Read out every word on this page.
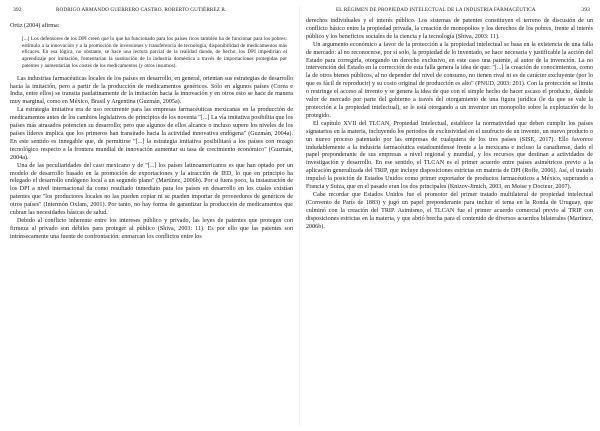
392	RODRIGO ARMANDO GUERRERO CASTRO, ROBERTO GUTIÉRREZ R.

Ortiz (2004) afirma:

[...] Los defensores de los DPI creen que lo que ha funcionado para los países ricos también ha de funcionar para los pobres: estímulo a la innovación y a la promoción de inversiones y transferencia de tecnología, disponibilidad de medicamentos más eficaces. En esa lógica, no obstante, se hace una lectura parcial de la realidad donde, de hecho, los DPI impedirían el aprendizaje por imitación, fomentarían la sustitución de la industria doméstica a través de importaciones protegidas por patentes y aumentarían los costes de los medicamentos (y otros insumos).

Las industrias farmacéuticas locales de los países en desarrollo, en general, orientan sus estrategias de desarrollo hacia la imitación, pero a partir de la producción de medicamentos genéricos. Sólo en algunos países (Corea e India, entre ellos) se transita paulatinamente de la imitación hacia la innovación y en otros esto se hace de manera muy marginal, como en México, Brasil y Argentina (Guzmán, 2005a).

La estrategia imitativa era de uso recurrente para las empresas farmacéuticas mexicanas en la producción de medicamentos antes de los cambios legislativos de principios de los noventa "[...] La vía imitativa posibilita que los países más atrasados potencien su desarrollo; pero que algunos de ellos alcance o incluso supere los niveles de los países líderes implica que los primeros han transitado hacia la actividad innovativa endógena" (Guzmán, 2004a). En este sentido es innegable que, de permitirse "[...] la estrategia imitativa posibilitará a los países con rezago tecnológico respecto a la frontera mundial de innovación aumentar su tasa de crecimiento económico" (Guzmán, 2004a).

Una de las peculiaridades del caso mexicano y de "[...] los países latinoamericanos es que han optado por un modelo de desarrollo basado en la promoción de exportaciones y la atracción de IED, lo que en principio ha relegado el desarrollo endógeno local a un segundo plano" (Martínez, 2006b). Por si fuera poco, la instauración de los DPI a nivel internacional da como resultado inmediato para los países en desarrollo en los cuales existían patentes que "los productores locales no las pueden copiar ni se pueden importar de proveedores de genéricos de otros países" (Intermón Oxfam, 2001). Por tanto, no hay forma de garantizar la producción de medicamentos que cubran las necesidades básicas de salud.

Debido al conflicto inherente entre los intereses público y privado, las leyes de patentes que protegen con firmeza al privado son débiles para proteger al público (Shiva, 2003: 11). Es por ello que las patentes son intrínsecamente una fuente de confrontación: enmarcan los conflictos entre los

EL RÉGIMEN DE PROPIEDAD INTELECTUAL DE LA INDUSTRIA FARMACÉUTICA	393

derechos individuales y el interés público. Los sistemas de patentes constituyen el terreno de discusión de un conflicto básico entre la propiedad privada, la creación de monopolios y los derechos de los pobres, frente al interés público y los beneficios sociales de la ciencia y la tecnología (Shiva, 2003: 11).

Un argumento económico a favor de la protección a la propiedad intelectual se basa en la existencia de una falla de mercado: al no reconocerse, por sí solo, la propiedad de lo inventado, se hace necesaria y justificable la acción del Estado para corregirla, otorgando un derecho exclusivo, en este caso una patente, al autor de la invención. La no intervención del Estado en la corrección de esta falla genera la idea de que: "[...] la creación de conocimientos, como la de otros bienes públicos, al no depender del nivel de consumo, no tienen rival ni es de carácter excluyente (por lo que es fácil de reproducir) y su costo original de producción es alto" (PNUD, 2003: 201). Con la protección se limita o restringe el acceso al invento y se genera la idea de que con el simple hecho de hacer escaso el producto, dándole valor de mercado por parte del gobierno a través del otorgamiento de una figura jurídica (le da que se vale la protección a la propiedad intelectual), se le está otorgando a un inventor un monopolio sobre la explotación de lo protegido.

El capítulo XVII del TLCAN, Propiedad Intelectual, establece la normatividad que deben cumplir los países signatarios en la materia, incluyendo los periodos de exclusividad en el usufructo de un invento, un nuevo producto o un nuevo proceso patentado por las empresas de cualquiera de los tres países (SISE, 2017). Ello favorece indudablemente a la industria farmacéutica estadounidense frente a la mexicana e incluso la canadiense, dado el papel preponderante de sus empresas a nivel regional y mundial, y los recursos que destinan a actividades de investigación y desarrollo. En ese sentido, el TLCAN es el primer acuerdo entre países asimétricos previo a la aplicación generalizada del TRIP, que incluye disposiciones estrictas en materia de DPI (Roffe, 2006). Así, el tratado impulsó la posición de Estados Unidos como primer exportador de productos farmacéuticos a México, superando a Francia y Suiza, que en el pasado eran los dos principales (Knizov-Jimich, 2003, en Moise y Docteur, 2007).

Cabe recordar que Estados Unidos fue el promotor del primer tratado multilateral de propiedad intelectual (Convenio de París de 1883) y jugó un papel preponderante para incluir el tema en la Ronda de Uruguay, que culminó con la creación del TRIP. Asimismo, el TLCAN fue el primer acuerdo comercial previo al TRIP con disposiciones estrictas en la materia, y que abrió brecha para el contenido de diversos acuerdos bilaterales (Martínez, 2006b).
